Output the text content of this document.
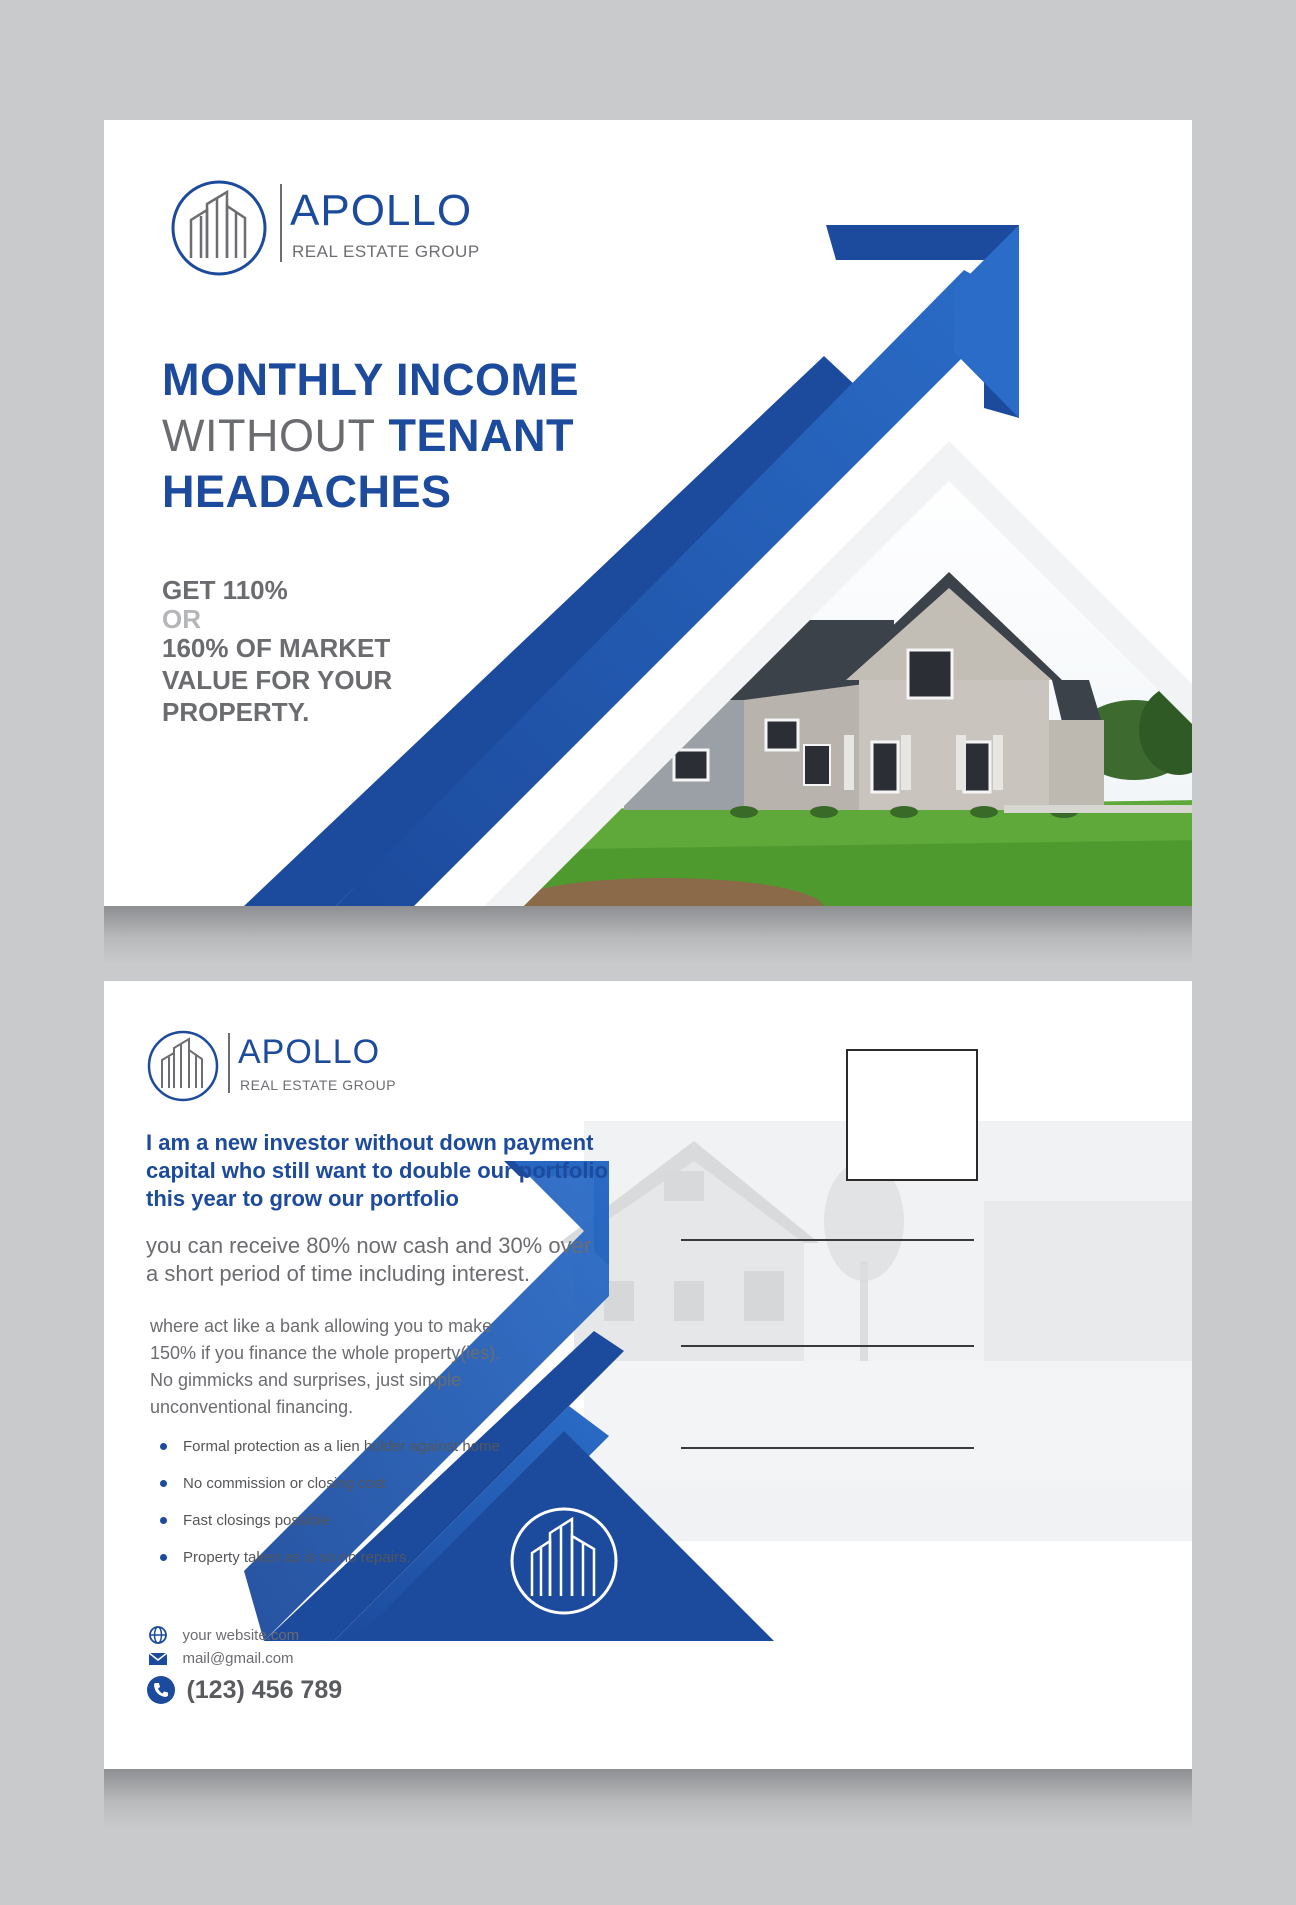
APOLLO
REAL ESTATE GROUP
MONTHLY INCOME
WITHOUT TENANT
HEADACHES
GET 110%
OR
160% OF MARKET
VALUE FOR YOUR
PROPERTY.
APOLLO
REAL ESTATE GROUP
I am a new investor without down payment
capital who still want to double our portfolio
this year to grow our portfolio
you can receive 80% now cash and 30% over
a short period of time including interest.
where act like a bank allowing you to make
150% if you finance the whole property(ies).
No gimmicks and surprises, just simple
unconventional financing.
Formal protection as a lien holder against home
No commission or closing cost
Fast closings possible
Property taken as is so no repairs.
your website.com
mail@gmail.com
(123) 456 789
